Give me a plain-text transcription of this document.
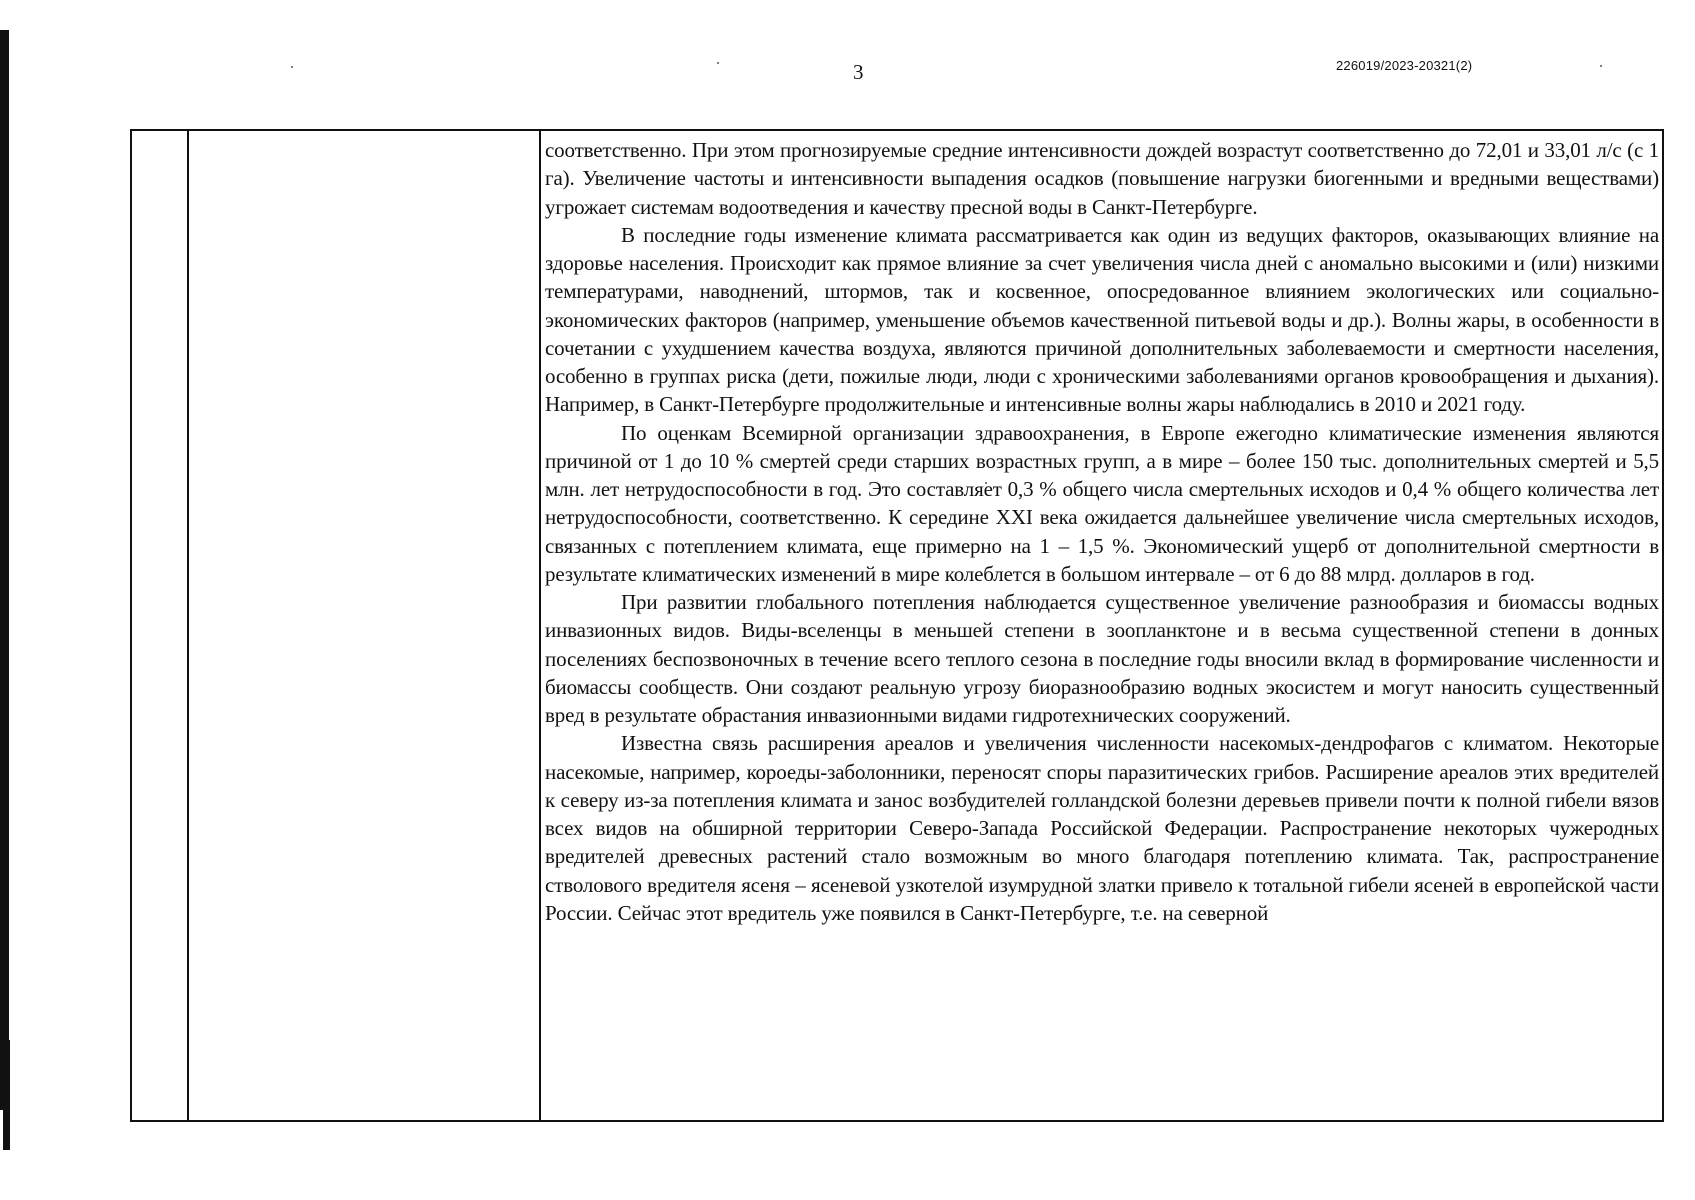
3	226019/2023-20321(2)

соответственно. При этом прогнозируемые средние интенсивности дождей возрастут соответственно до 72,01 и 33,01 л/с (с 1 га). Увеличение частоты и интенсивности выпадения осадков (повышение нагрузки биогенными и вредными веществами) угрожает системам водоотведения и качеству пресной воды в Санкт-Петербурге.

В последние годы изменение климата рассматривается как один из ведущих факторов, оказывающих влияние на здоровье населения. Происходит как прямое влияние за счет увеличения числа дней с аномально высокими и (или) низкими температурами, наводнений, штормов, так и косвенное, опосредованное влиянием экологических или социально-экономических факторов (например, уменьшение объемов качественной питьевой воды и др.). Волны жары, в особенности в сочетании с ухудшением качества воздуха, являются причиной дополнительных заболеваемости и смертности населения, особенно в группах риска (дети, пожилые люди, люди с хроническими заболеваниями органов кровообращения и дыхания). Например, в Санкт-Петербурге продолжительные и интенсивные волны жары наблюдались в 2010 и 2021 году.

По оценкам Всемирной организации здравоохранения, в Европе ежегодно климатические изменения являются причиной от 1 до 10 % смертей среди старших возрастных групп, а в мире – более 150 тыс. дополнительных смертей и 5,5 млн. лет нетрудоспособности в год. Это составляет 0,3 % общего числа смертельных исходов и 0,4 % общего количества лет нетрудоспособности, соответственно. К середине XXI века ожидается дальнейшее увеличение числа смертельных исходов, связанных с потеплением климата, еще примерно на 1 – 1,5 %. Экономический ущерб от дополнительной смертности в результате климатических изменений в мире колеблется в большом интервале – от 6 до 88 млрд. долларов в год.

При развитии глобального потепления наблюдается существенное увеличение разнообразия и биомассы водных инвазионных видов. Виды-вселенцы в меньшей степени в зоопланктоне и в весьма существенной степени в донных поселениях беспозвоночных в течение всего теплого сезона в последние годы вносили вклад в формирование численности и биомассы сообществ. Они создают реальную угрозу биоразнообразию водных экосистем и могут наносить существенный вред в результате обрастания инвазионными видами гидротехнических сооружений.

Известна связь расширения ареалов и увеличения численности насекомых-дендрофагов с климатом. Некоторые насекомые, например, короеды-заболонники, переносят споры паразитических грибов. Расширение ареалов этих вредителей к северу из-за потепления климата и занос возбудителей голландской болезни деревьев привели почти к полной гибели вязов всех видов на обширной территории Северо-Запада Российской Федерации. Распространение некоторых чужеродных вредителей древесных растений стало возможным во много благодаря потеплению климата. Так, распространение стволового вредителя ясеня – ясеневой узкотелой изумрудной златки привело к тотальной гибели ясеней в европейской части России. Сейчас этот вредитель уже появился в Санкт-Петербурге, т.е. на северной
